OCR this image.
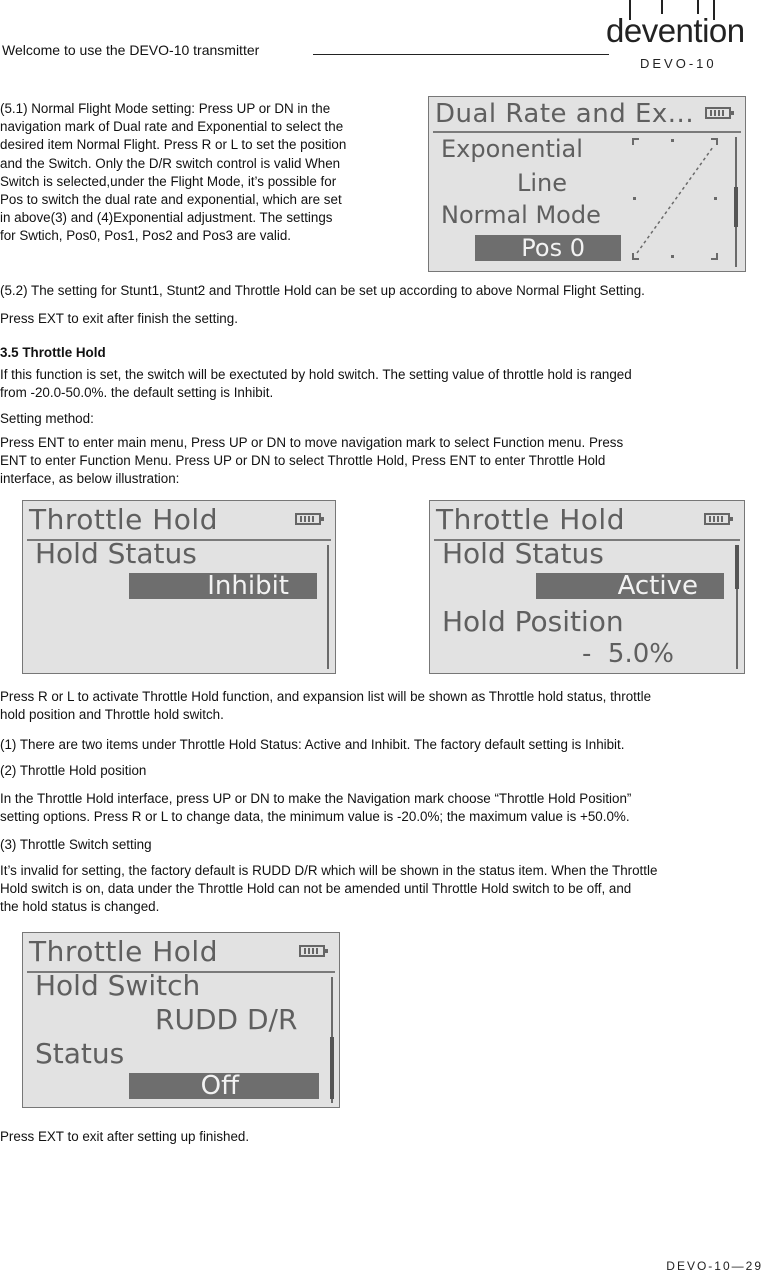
Welcome to use the DEVO-10 transmitter
devention
DEVO-10
(5.1) Normal Flight Mode setting: Press UP or DN in the
navigation mark of Dual rate and Exponential to select the
desired item Normal Flight. Press R or L to set the position
and the Switch. Only the D/R switch control is valid When
Switch is selected,under the Flight Mode, it’s possible for
Pos to switch the dual rate and exponential, which are set
in above(3) and (4)Exponential adjustment. The settings
for Swtich, Pos0, Pos1, Pos2 and Pos3 are valid.
Dual Rate and Ex...
Exponential
Line
Normal Mode
Pos 0
(5.2) The setting for Stunt1, Stunt2 and Throttle Hold can be set up according to above Normal Flight Setting.
Press EXT to exit after finish the setting.
3.5 Throttle Hold
If this function is set, the switch will be exectuted by hold switch. The setting value of throttle hold is ranged
from -20.0-50.0%. the default setting is Inhibit.
Setting method:
Press ENT to enter main menu, Press UP or DN to move navigation mark to select Function menu. Press
ENT to enter Function Menu. Press UP or DN to select Throttle Hold, Press ENT to enter Throttle Hold
interface, as below illustration:
Throttle Hold
Hold Status
Inhibit
Throttle Hold
Hold Status
Active
Hold Position
-  5.0%
Press R or L to activate Throttle Hold function, and expansion list will be shown as Throttle hold status, throttle
hold position and Throttle hold switch.
(1) There are two items under Throttle Hold Status: Active and Inhibit. The factory default setting is Inhibit.
(2) Throttle Hold position
In the Throttle Hold interface, press UP or DN to make the Navigation mark choose “Throttle Hold Position”
setting options. Press R or L to change data, the minimum value is -20.0%; the maximum value is +50.0%.
(3) Throttle Switch setting
It’s invalid for setting, the factory default is RUDD D/R which will be shown in the status item. When the Throttle
Hold switch is on, data under the Throttle Hold can not be amended until Throttle Hold switch to be off, and
the hold status is changed.
Throttle Hold
Hold Switch
RUDD D/R
Status
Off
Press EXT to exit after setting up finished.
DEVO-10—29
